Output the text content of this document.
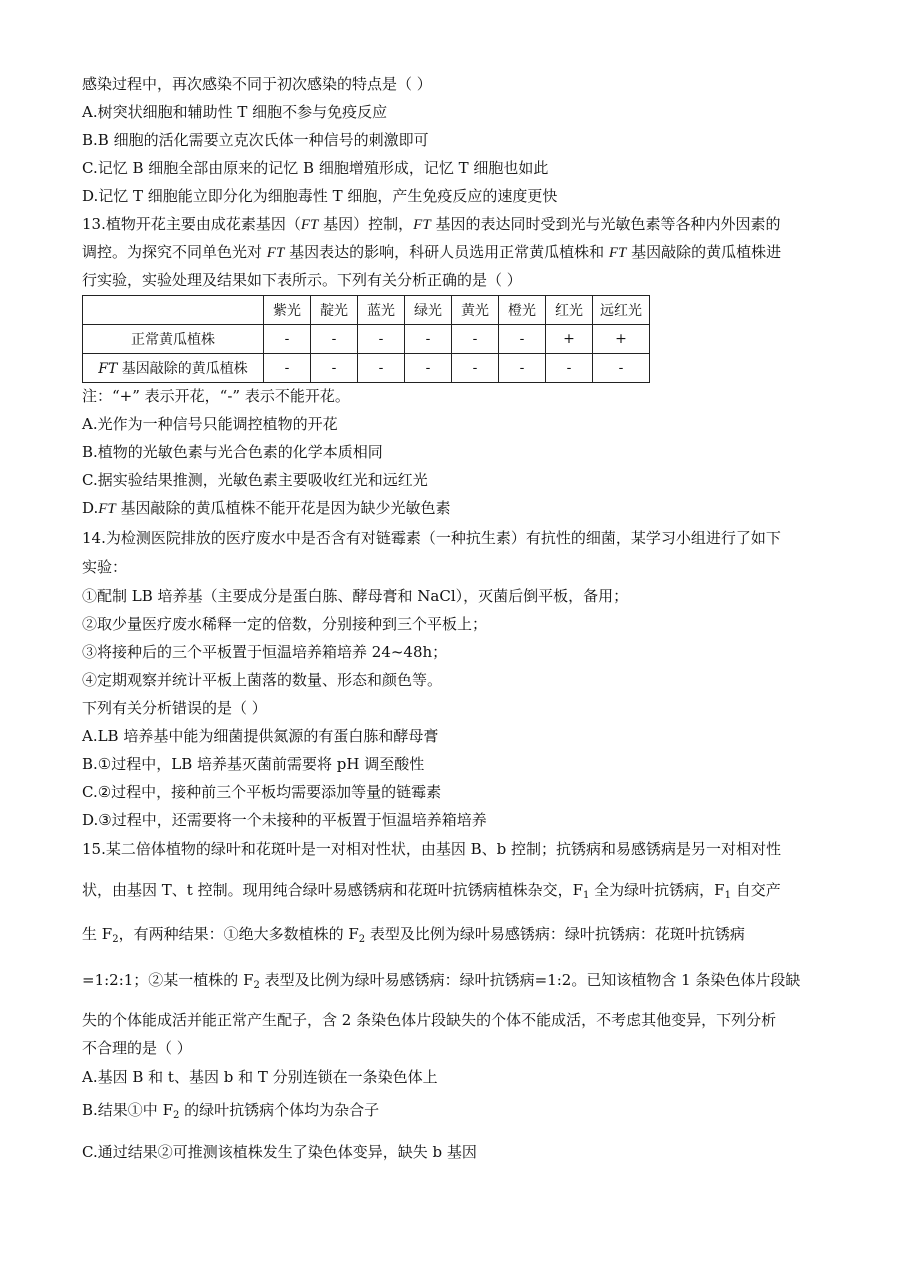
感染过程中，再次感染不同于初次感染的特点是（ ）
A.树突状细胞和辅助性 T 细胞不参与免疫反应
B.B 细胞的活化需要立克次氏体一种信号的刺激即可
C.记忆 B 细胞全部由原来的记忆 B 细胞增殖形成，记忆 T 细胞也如此
D.记忆 T 细胞能立即分化为细胞毒性 T 细胞，产生免疫反应的速度更快
13.植物开花主要由成花素基因（FT 基因）控制，FT 基因的表达同时受到光与光敏色素等各种内外因素的
调控。为探究不同单色光对 FT 基因表达的影响，科研人员选用正常黄瓜植株和 FT 基因敲除的黄瓜植株进
行实验，实验处理及结果如下表所示。下列有关分析正确的是（ ）
	紫光	靛光	蓝光	绿光	黄光	橙光	红光	远红光
正常黄瓜植株	-	-	-	-	-	-	+	+
FT 基因敲除的黄瓜植株	-	-	-	-	-	-	-	-
注：“+” 表示开花，“-” 表示不能开花。
A.光作为一种信号只能调控植物的开花
B.植物的光敏色素与光合色素的化学本质相同
C.据实验结果推测，光敏色素主要吸收红光和远红光
D.FT 基因敲除的黄瓜植株不能开花是因为缺少光敏色素
14.为检测医院排放的医疗废水中是否含有对链霉素（一种抗生素）有抗性的细菌，某学习小组进行了如下
实验：
①配制 LB 培养基（主要成分是蛋白胨、酵母膏和 NaCl），灭菌后倒平板，备用；
②取少量医疗废水稀释一定的倍数，分别接种到三个平板上；
③将接种后的三个平板置于恒温培养箱培养 24~48h；
④定期观察并统计平板上菌落的数量、形态和颜色等。
下列有关分析错误的是（ ）
A.LB 培养基中能为细菌提供氮源的有蛋白胨和酵母膏
B.①过程中，LB 培养基灭菌前需要将 pH 调至酸性
C.②过程中，接种前三个平板均需要添加等量的链霉素
D.③过程中，还需要将一个未接种的平板置于恒温培养箱培养
15.某二倍体植物的绿叶和花斑叶是一对相对性状，由基因 B、b 控制；抗锈病和易感锈病是另一对相对性
状，由基因 T、t 控制。现用纯合绿叶易感锈病和花斑叶抗锈病植株杂交，$F_1$ 全为绿叶抗锈病，$F_1$ 自交产
生 $F_2$，有两种结果：①绝大多数植株的 $F_2$ 表型及比例为绿叶易感锈病：绿叶抗锈病：花斑叶抗锈病
=1:2:1；②某一植株的 $F_2$ 表型及比例为绿叶易感锈病：绿叶抗锈病=1:2。已知该植物含 1 条染色体片段缺
失的个体能成活并能正常产生配子，含 2 条染色体片段缺失的个体不能成活，不考虑其他变异，下列分析
不合理的是（ ）
A.基因 B 和 t、基因 b 和 T 分别连锁在一条染色体上
B.结果①中 $F_2$ 的绿叶抗锈病个体均为杂合子
C.通过结果②可推测该植株发生了染色体变异，缺失 b 基因
